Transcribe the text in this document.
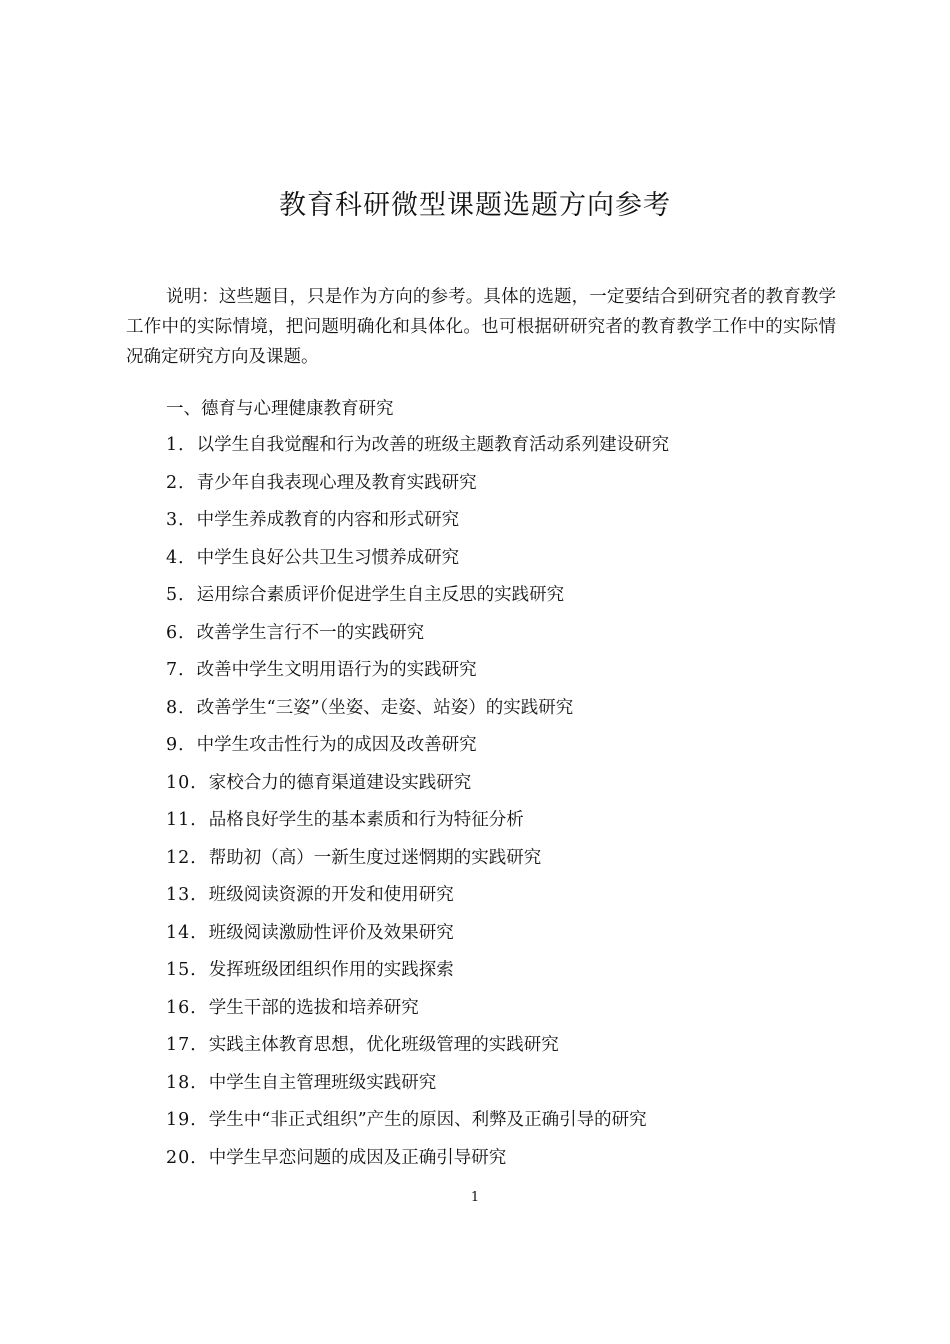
教育科研微型课题选题方向参考

说明：这些题目，只是作为方向的参考。具体的选题，一定要结合到研究者的教育教学工作中的实际情境，把问题明确化和具体化。也可根据研研究者的教育教学工作中的实际情况确定研究方向及课题。

一、德育与心理健康教育研究
1．以学生自我觉醒和行为改善的班级主题教育活动系列建设研究
2．青少年自我表现心理及教育实践研究
3．中学生养成教育的内容和形式研究
4．中学生良好公共卫生习惯养成研究
5．运用综合素质评价促进学生自主反思的实践研究
6．改善学生言行不一的实践研究
7．改善中学生文明用语行为的实践研究
8．改善学生“三姿”（坐姿、走姿、站姿）的实践研究
9．中学生攻击性行为的成因及改善研究
10．家校合力的德育渠道建设实践研究
11．品格良好学生的基本素质和行为特征分析
12．帮助初（高）一新生度过迷惘期的实践研究
13．班级阅读资源的开发和使用研究
14．班级阅读激励性评价及效果研究
15．发挥班级团组织作用的实践探索
16．学生干部的选拔和培养研究
17．实践主体教育思想，优化班级管理的实践研究
18．中学生自主管理班级实践研究
19．学生中“非正式组织”产生的原因、利弊及正确引导的研究
20．中学生早恋问题的成因及正确引导研究
1
